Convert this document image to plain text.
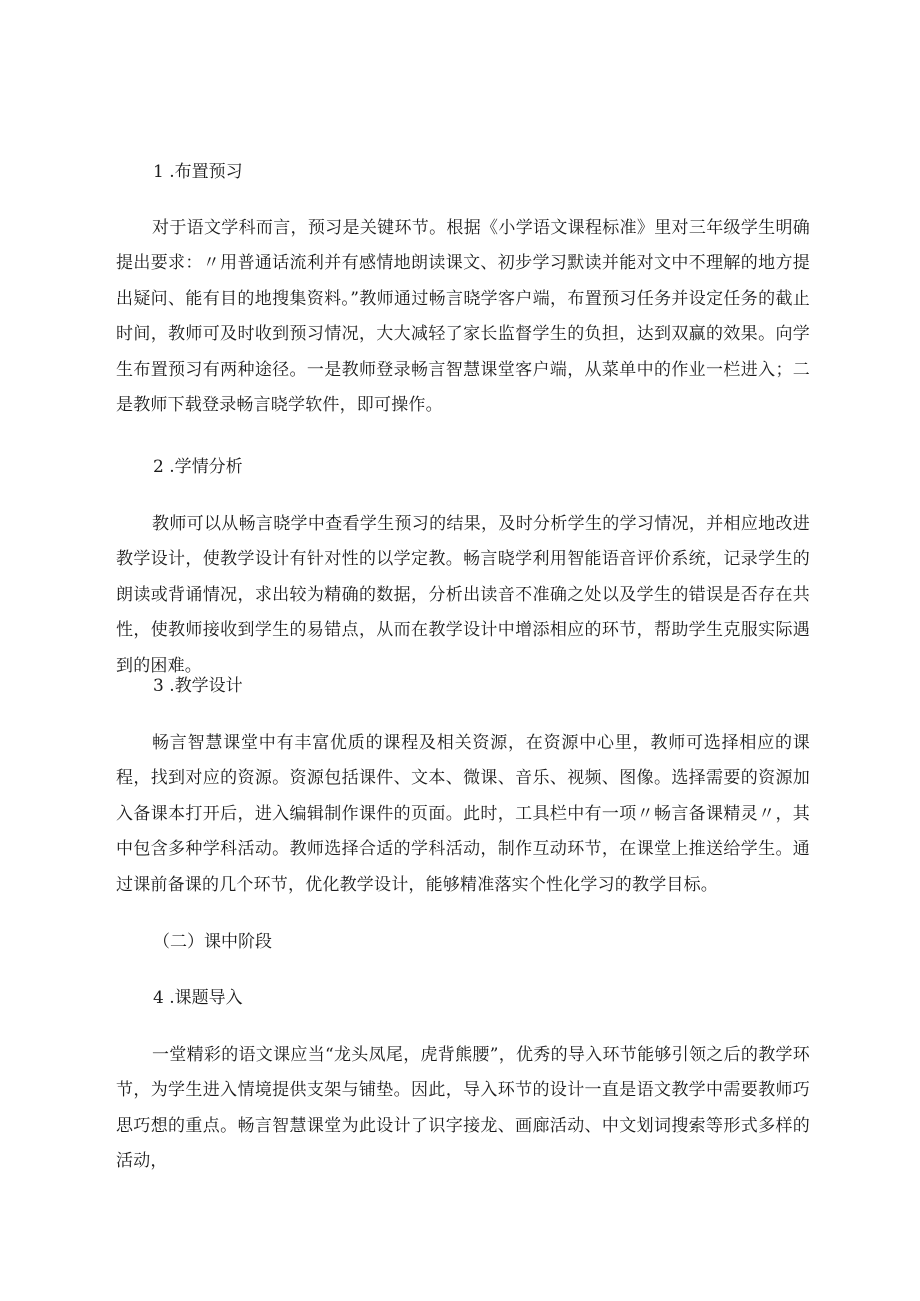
1 .布置预习

对于语文学科而言，预习是关键环节。根据《小学语文课程标准》里对三年级学生明确提出要求：〃用普通话流利并有感情地朗读课文、初步学习默读并能对文中不理解的地方提出疑问、能有目的地搜集资料。”教师通过畅言晓学客户端，布置预习任务并设定任务的截止时间，教师可及时收到预习情况，大大减轻了家长监督学生的负担，达到双赢的效果。向学生布置预习有两种途径。一是教师登录畅言智慧课堂客户端，从菜单中的作业一栏进入；二是教师下载登录畅言晓学软件，即可操作。

2 .学情分析

教师可以从畅言晓学中查看学生预习的结果，及时分析学生的学习情况，并相应地改进教学设计，使教学设计有针对性的以学定教。畅言晓学利用智能语音评价系统，记录学生的朗读或背诵情况，求出较为精确的数据，分析出读音不准确之处以及学生的错误是否存在共性，使教师接收到学生的易错点，从而在教学设计中增添相应的环节，帮助学生克服实际遇到的困难。

3 .教学设计

畅言智慧课堂中有丰富优质的课程及相关资源，在资源中心里，教师可选择相应的课程，找到对应的资源。资源包括课件、文本、微课、音乐、视频、图像。选择需要的资源加入备课本打开后，进入编辑制作课件的页面。此时，工具栏中有一项〃畅言备课精灵〃，其中包含多种学科活动。教师选择合适的学科活动，制作互动环节，在课堂上推送给学生。通过课前备课的几个环节，优化教学设计，能够精准落实个性化学习的教学目标。

（二）课中阶段

4 .课题导入

一堂精彩的语文课应当“龙头凤尾，虎背熊腰”，优秀的导入环节能够引领之后的教学环节，为学生进入情境提供支架与铺垫。因此，导入环节的设计一直是语文教学中需要教师巧思巧想的重点。畅言智慧课堂为此设计了识字接龙、画廊活动、中文划词搜索等形式多样的活动，
